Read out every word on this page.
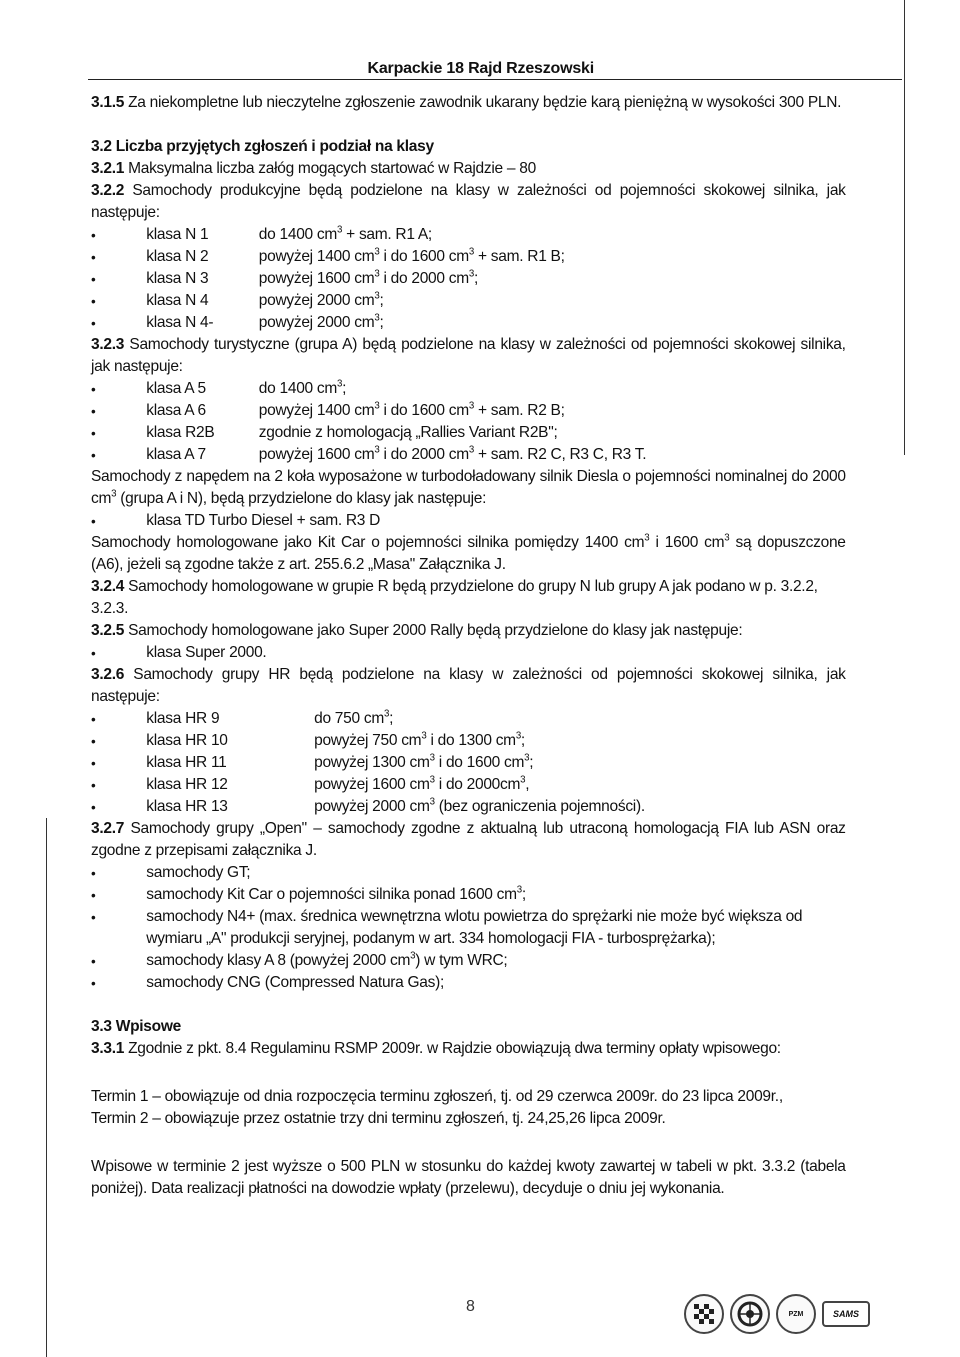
Karpackie 18 Rajd Rzeszowski

3.1.5 Za niekompletne lub nieczytelne zgłoszenie zawodnik ukarany będzie karą pieniężną w wysokości 300 PLN.

3.2 Liczba przyjętych zgłoszeń i podział na klasy

3.2.1 Maksymalna liczba załóg mogących startować w Rajdzie – 80

3.2.2 Samochody produkcyjne będą podzielone na klasy w zależności od pojemności skokowej silnika, jak następuje:

• klasa N 1	do 1400 $cm^3$ + sam. R1 A;

• klasa N 2	powyżej 1400 $cm^3$ i do 1600 $cm^3$ + sam. R1 B;

• klasa N 3	powyżej 1600 $cm^3$ i do 2000 $cm^3$;

• klasa N 4	powyżej 2000 $cm^3$;

• klasa N 4-	powyżej 2000 $cm^3$;

3.2.3 Samochody turystyczne (grupa A) będą podzielone na klasy w zależności od pojemności skokowej silnika, jak następuje:

• klasa A 5	do 1400 $cm^3$;

• klasa A 6	powyżej 1400 $cm^3$ i do 1600 $cm^3$ + sam. R2 B;

• klasa R2B	zgodnie z homologacją „Rallies Variant R2B";

• klasa A 7	powyżej 1600 $cm^3$ i do 2000 $cm^3$ + sam. R2 C, R3 C, R3 T.

Samochody z napędem na 2 koła wyposażone w turbodoładowany silnik Diesla o pojemności nominalnej do 2000 $cm^3$ (grupa A i N), będą przydzielone do klasy jak następuje:

• klasa TD Turbo Diesel + sam. R3 D

Samochody homologowane jako Kit Car o pojemności silnika pomiędzy 1400 $cm^3$ i 1600 $cm^3$ są dopuszczone (A6), jeżeli są zgodne także z art. 255.6.2 „Masa" Załącznika J.

3.2.4 Samochody homologowane w grupie R będą przydzielone do grupy N lub grupy A jak podano w p. 3.2.2, 3.2.3.

3.2.5 Samochody homologowane jako Super 2000 Rally będą przydzielone do klasy jak następuje:

• klasa Super 2000.

3.2.6 Samochody grupy HR będą podzielone na klasy w zależności od pojemności skokowej silnika, jak następuje:

• klasa HR 9	do 750 $cm^3$;

• klasa HR 10	powyżej 750 $cm^3$ i do 1300 $cm^3$;

• klasa HR 11	powyżej 1300 $cm^3$ i do 1600 $cm^3$;

• klasa HR 12	powyżej 1600 $cm^3$ i do $2000cm^3$,

• klasa HR 13	powyżej 2000 $cm^3$ (bez ograniczenia pojemności).

3.2.7 Samochody grupy „Open" – samochody zgodne z aktualną lub utraconą homologacją FIA lub ASN oraz zgodne z przepisami załącznika J.

• samochody GT;

• samochody Kit Car o pojemności silnika ponad 1600 $cm^3$;

• samochody N4+ (max. średnica wewnętrzna wlotu powietrza do sprężarki nie może być większa od wymiaru „A" produkcji seryjnej, podanym w art. 334 homologacji FIA - turbosprężarka);

• samochody klasy A 8 (powyżej 2000 $cm^3$) w tym WRC;

• samochody CNG (Compressed Natura Gas);

3.3 Wpisowe

3.3.1 Zgodnie z pkt. 8.4 Regulaminu RSMP 2009r. w Rajdzie obowiązują dwa terminy opłaty wpisowego:

Termin 1 – obowiązuje od dnia rozpoczęcia terminu zgłoszeń, tj. od 29 czerwca 2009r. do 23 lipca 2009r.,

Termin 2 – obowiązuje przez ostatnie trzy dni terminu zgłoszeń, tj. 24,25,26 lipca 2009r.

Wpisowe w terminie 2 jest wyższe o 500 PLN w stosunku do każdej kwoty zawartej w tabeli w pkt. 3.3.2 (tabela poniżej). Data realizacji płatności na dowodzie wpłaty (przelewu), decyduje o dniu jej wykonania.

8	PZM	SAMS
